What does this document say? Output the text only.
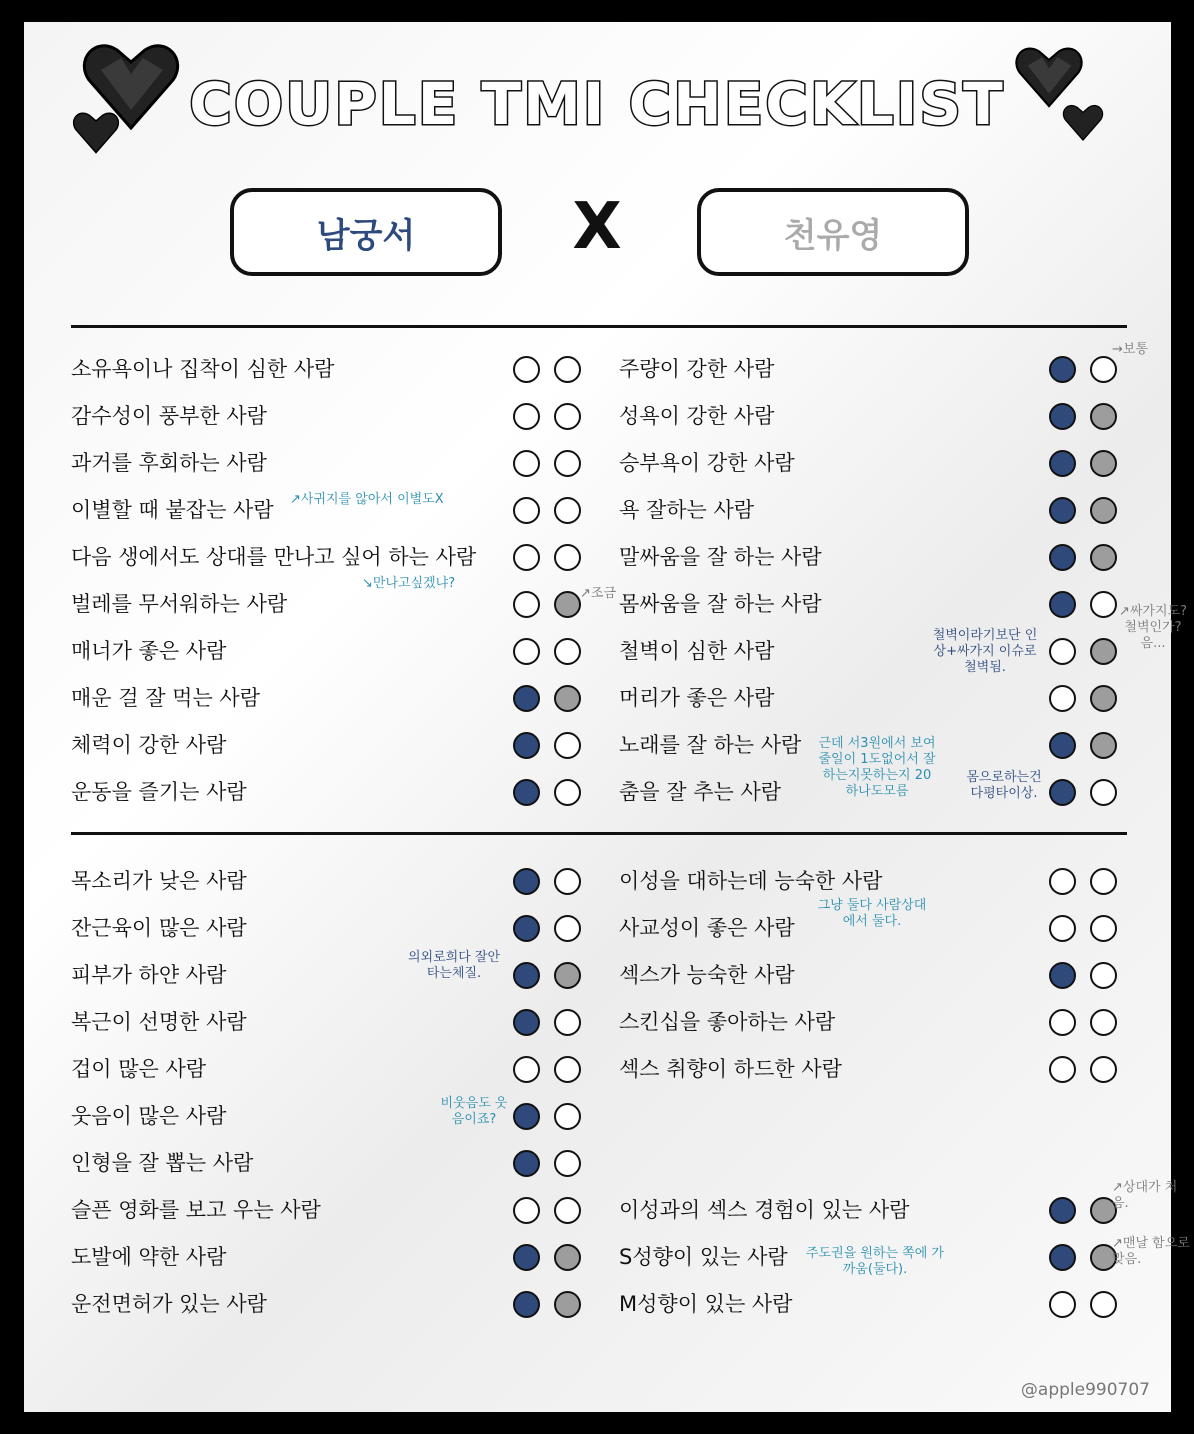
COUPLE TMI CHECKLIST
남궁서	X	천유영
소유욕이나 집착이 심한 사람
감수성이 풍부한 사람
과거를 후회하는 사람
이별할 때 붙잡는 사람
다음 생에서도 상대를 만나고 싶어 하는 사람
벌레를 무서워하는 사람
매너가 좋은 사람
매운 걸 잘 먹는 사람
체력이 강한 사람
운동을 즐기는 사람
주량이 강한 사람
성욕이 강한 사람
승부욕이 강한 사람
욕 잘하는 사람
말싸움을 잘 하는 사람
몸싸움을 잘 하는 사람
철벽이 심한 사람
머리가 좋은 사람
노래를 잘 하는 사람
춤을 잘 추는 사람
목소리가 낮은 사람
잔근육이 많은 사람
피부가 하얀 사람
복근이 선명한 사람
겁이 많은 사람
웃음이 많은 사람
인형을 잘 뽑는 사람
슬픈 영화를 보고 우는 사람
도발에 약한 사람
운전면허가 있는 사람
이성을 대하는데 능숙한 사람
사교성이 좋은 사람
섹스가 능숙한 사람
스킨십을 좋아하는 사람
섹스 취향이 하드한 사람
이성과의 섹스 경험이 있는 사람
S성향이 있는 사람
M성향이 있는 사람
→보통
↗사귀지를 않아서 이별도X
↘만나고싶겠냐?
↗조금
철벽이라기보단 인상+싸가지 이슈로 철벽됨.
↗싸가지도? 철벽인가? 음...
근데 서3원에서 보여줄일이 1도없어서 잘하는지못하는지 20하나도모름
몸으로하는건 다평타이상.
그냥 둘다 사람상대에서 둘다.
의외로희다 잘안타는체질.
비웃음도 웃음이죠?
↗상대가 처음.
주도권을 원하는 쪽에 가까움(둘다).
↗맨날 함으로 맞음.
@apple990707
